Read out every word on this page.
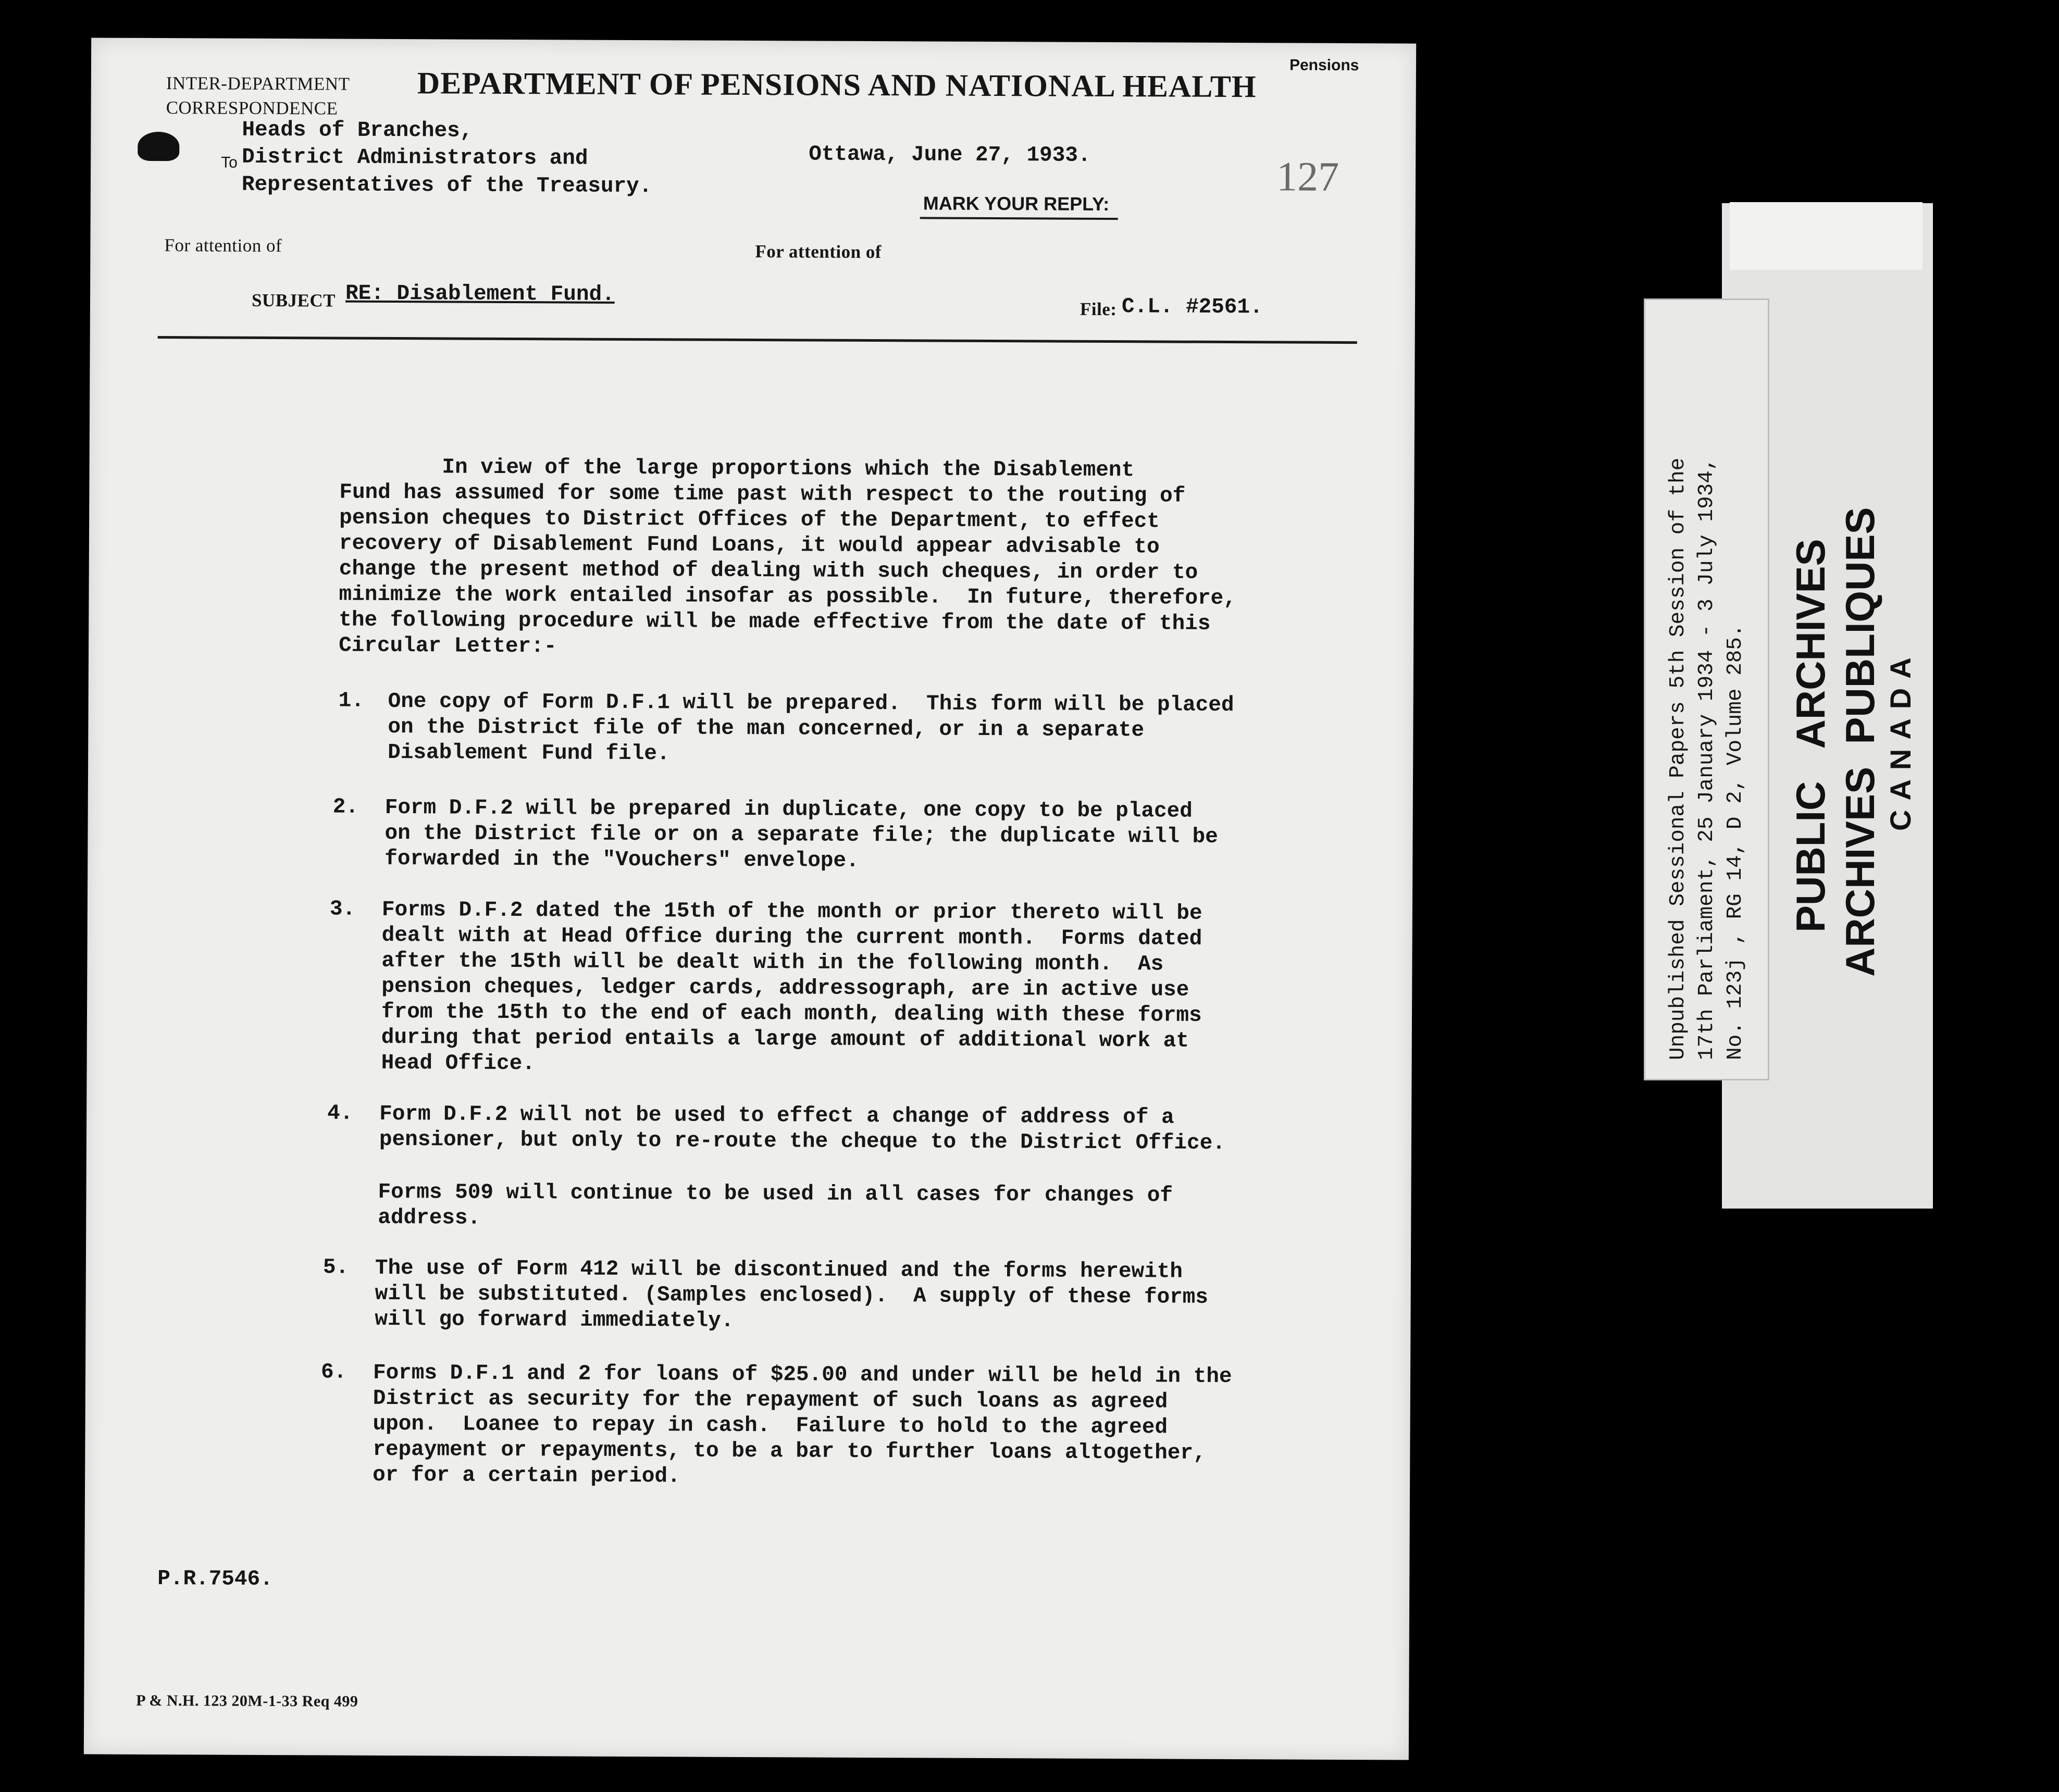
Unpublished Sessional Papers 5th Session of the 17th Parliament, 25 January 1934 - 3 July 1934, No. 123j , RG 14, D 2, Volume 285. PUBLIC   ARCHIVES ARCHIVES  PUBLIQUES CANADA
Pensions
INTER-DEPARTMENT
CORRESPONDENCE
DEPARTMENT OF PENSIONS AND NATIONAL HEALTH
To
Heads of Branches,
District Administrators and
Representatives of the Treasury.
Ottawa, June 27, 1933.	127
MARK YOUR REPLY:
For attention of	For attention of
SUBJECT RE: Disablement Fund.
File: C.L. #2561.
In view of the large proportions which the Disablement
Fund has assumed for some time past with respect to the routing of
pension cheques to District Offices of the Department, to effect
recovery of Disablement Fund Loans, it would appear advisable to
change the present method of dealing with such cheques, in order to
minimize the work entailed insofar as possible.  In future, therefore,
the following procedure will be made effective from the date of this
Circular Letter:-
1. One copy of Form D.F.1 will be prepared.  This form will be placed
on the District file of the man concerned, or in a separate
Disablement Fund file.
2. Form D.F.2 will be prepared in duplicate, one copy to be placed
on the District file or on a separate file; the duplicate will be
forwarded in the "Vouchers" envelope.
3. Forms D.F.2 dated the 15th of the month or prior thereto will be
dealt with at Head Office during the current month.  Forms dated
after the 15th will be dealt with in the following month.  As
pension cheques, ledger cards, addressograph, are in active use
from the 15th to the end of each month, dealing with these forms
during that period entails a large amount of additional work at
Head Office.
4. Form D.F.2 will not be used to effect a change of address of a
pensioner, but only to re-route the cheque to the District Office.
Forms 509 will continue to be used in all cases for changes of
address.
5. The use of Form 412 will be discontinued and the forms herewith
will be substituted. (Samples enclosed).  A supply of these forms
will go forward immediately.
6. Forms D.F.1 and 2 for loans of $25.00 and under will be held in the
District as security for the repayment of such loans as agreed
upon.  Loanee to repay in cash.  Failure to hold to the agreed
repayment or repayments, to be a bar to further loans altogether,
or for a certain period.
P.R.7546.
P & N.H. 123 20M-1-33 Req 499
